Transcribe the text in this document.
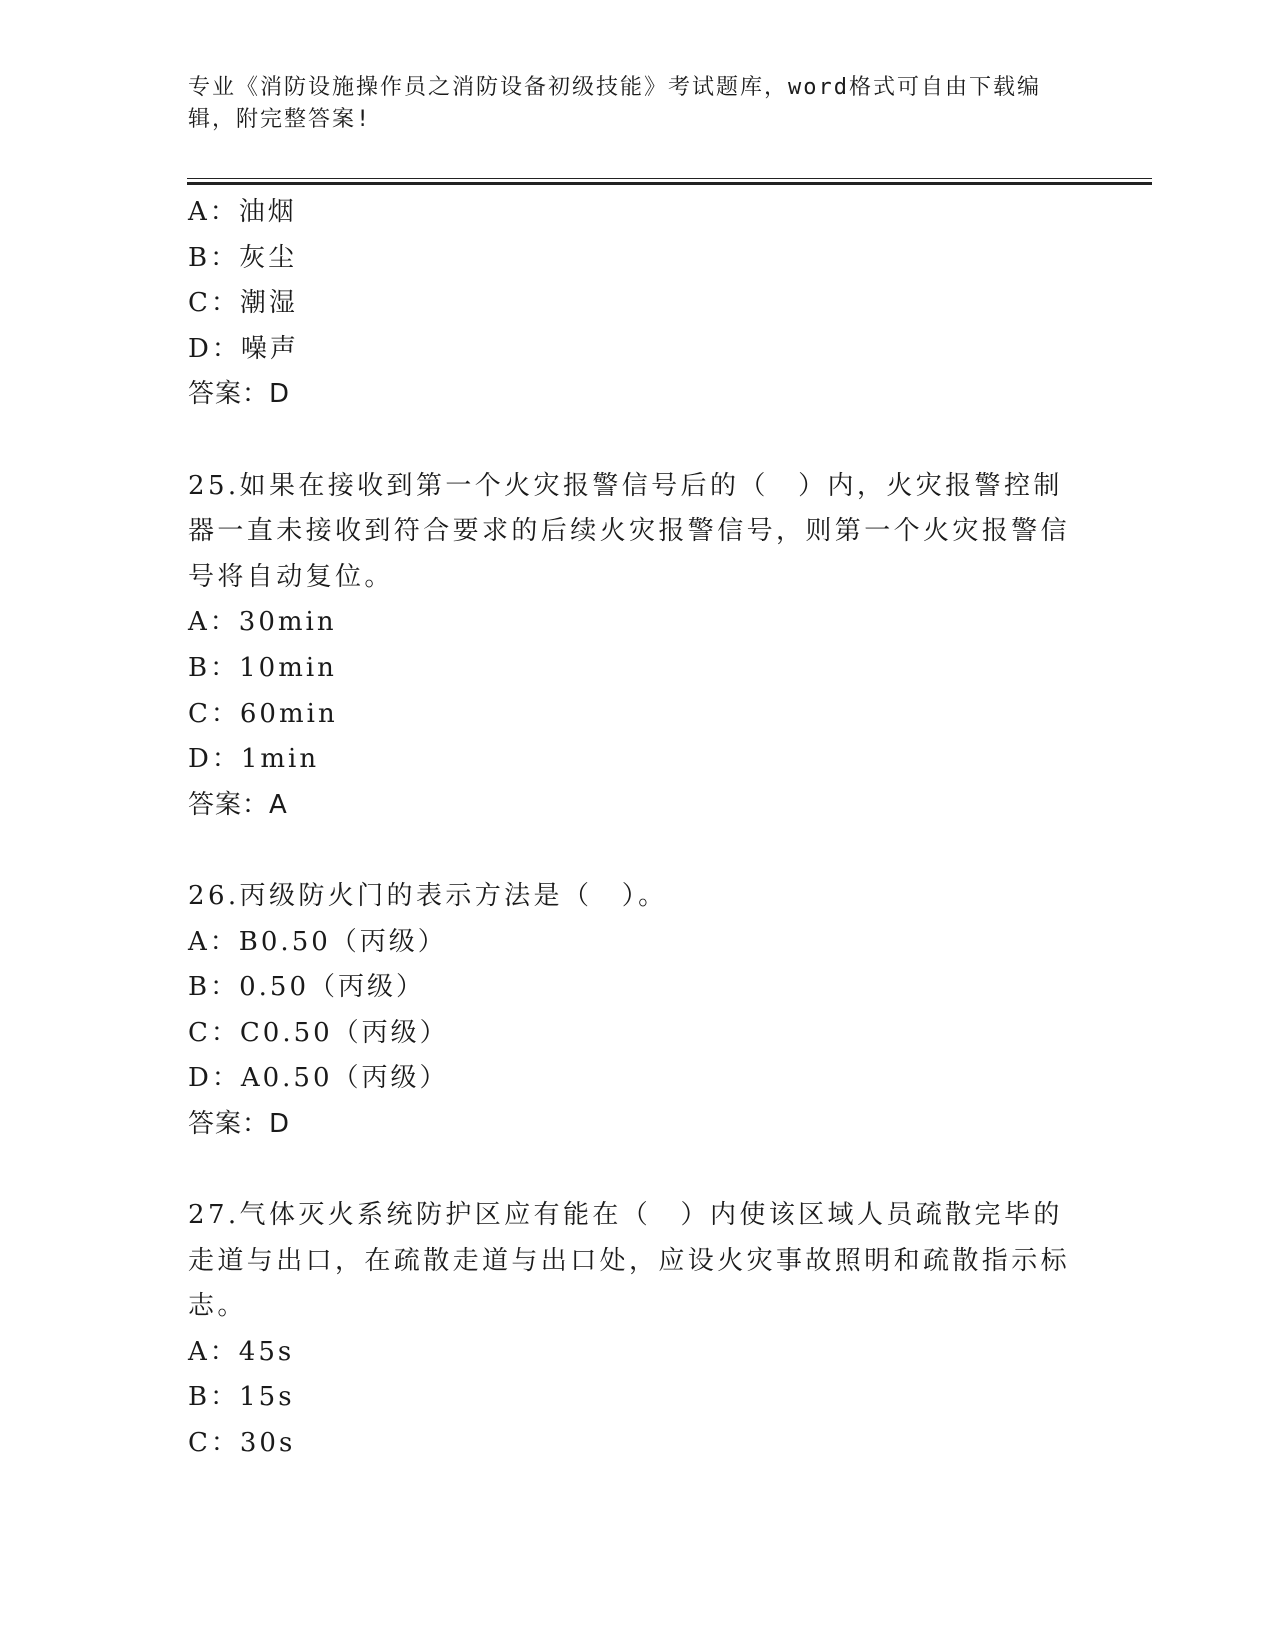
专业《消防设施操作员之消防设备初级技能》考试题库，word格式可自由下载编辑，附完整答案!
A：油烟
B：灰尘
C：潮湿
D：噪声
答案：D
25.如果在接收到第一个火灾报警信号后的（　）内，火灾报警控制器一直未接收到符合要求的后续火灾报警信号，则第一个火灾报警信号将自动复位。
A：30min
B：10min
C：60min
D：1min
答案：A
26.丙级防火门的表示方法是（　）。
A：B0.50（丙级）
B：0.50（丙级）
C：C0.50（丙级）
D：A0.50（丙级）
答案：D
27.气体灭火系统防护区应有能在（　）内使该区域人员疏散完毕的走道与出口，在疏散走道与出口处，应设火灾事故照明和疏散指示标志。
A：45s
B：15s
C：30s
